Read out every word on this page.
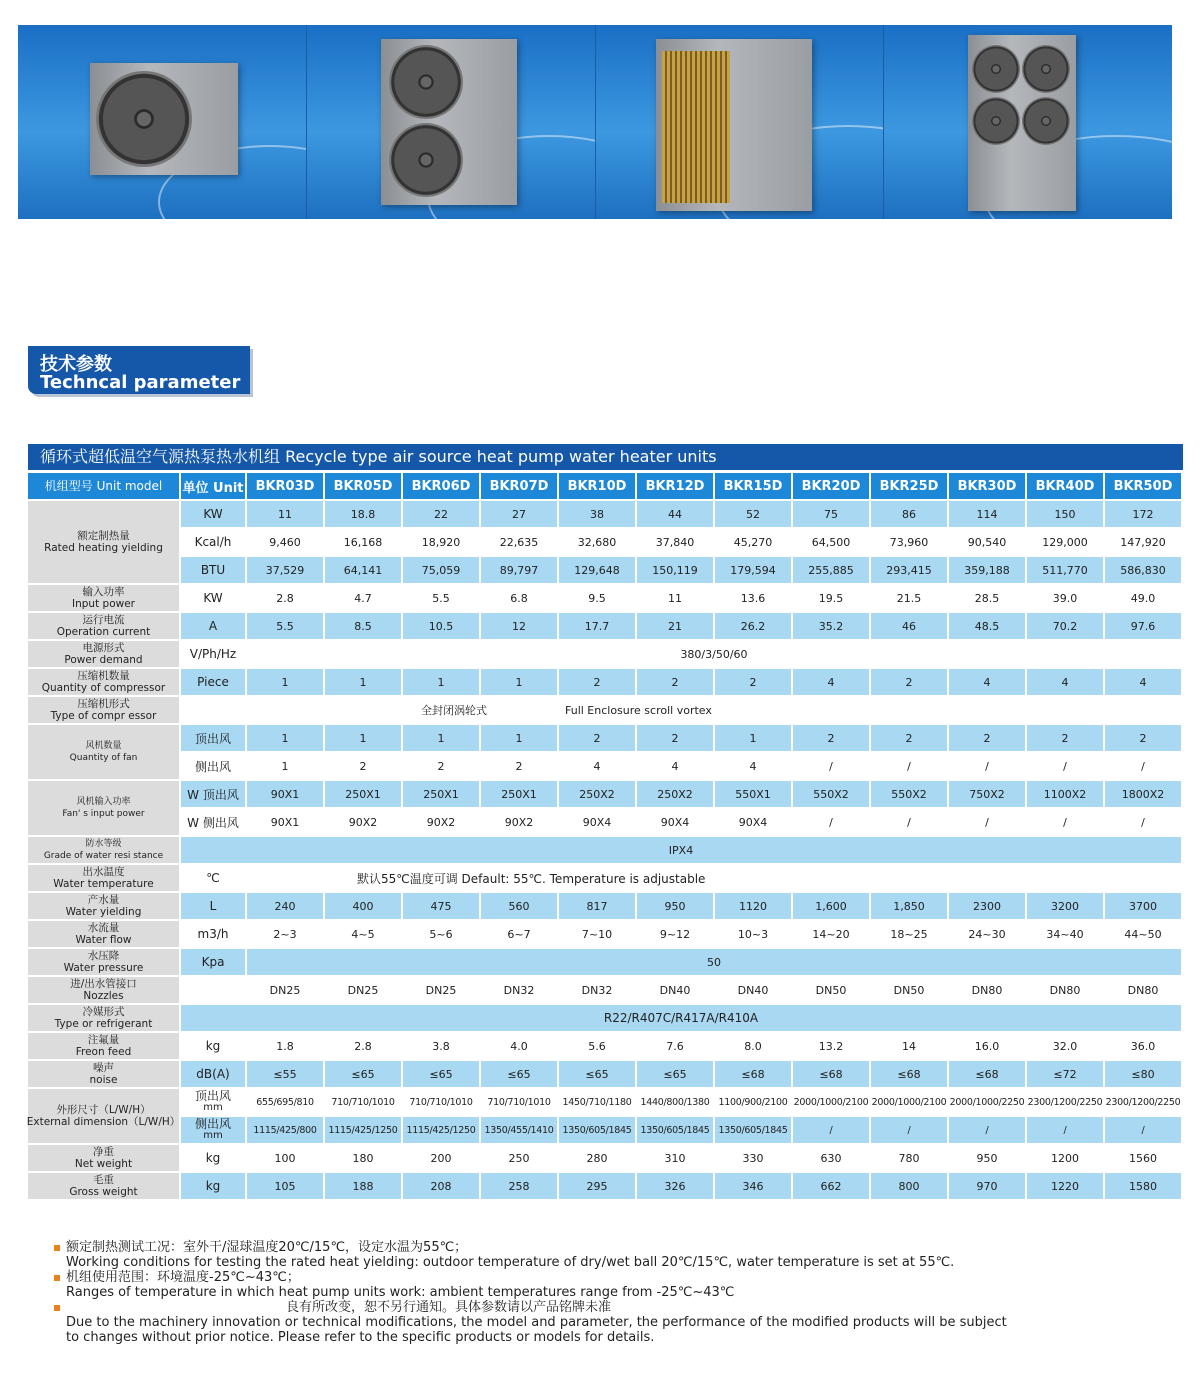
技术参数
Techncal parameter
循环式超低温空气源热泵热水机组 Recycle type air source heat pump water heater units
机组型号 Unit model	单位 Unit BKR03D	BKR05D	BKR06D	BKR07D	BKR10D	BKR12D	BKR15D	BKR20D	BKR25D	BKR30D	BKR40D	BKR50D
额定制热量
Rated heating yielding
KW	11	18.8	22	27	38	44	52	75	86	114	150	172
Kcal/h	9,460	16,168	18,920	22,635	32,680	37,840	45,270	64,500	73,960	90,540	129,000	147,920
BTU	37,529	64,141	75,059	89,797	129,648	150,119	179,594	255,885	293,415	359,188	511,770	586,830
输入功率
Input power	KW	2.8	4.7	5.5	6.8	9.5	11	13.6	19.5	21.5	28.5	39.0	49.0
运行电流
Operation current	A	5.5	8.5	10.5	12	17.7	21	26.2	35.2	46	48.5	70.2	97.6
电源形式
Power demand	V/Ph/Hz	380/3/50/60
压缩机数量
Quantity of compressor	Piece	1	1	1	1	2	2	2	4	2	4	4	4
压缩机形式
Type of compr essor	全封闭涡轮式	Full Enclosure scroll vortex
风机数量
Quantity of fan
顶出风	1	1	1	1	2	2	1	2	2	2	2	2
侧出风	1	2	2	2	4	4	4	/	/	/	/	/
风机输入功率
Fan' s input power
W 顶出风	90X1	250X1	250X1	250X1	250X2	250X2	550X1	550X2	550X2	750X2	1100X2	1800X2
W 侧出风	90X1	90X2	90X2	90X2	90X4	90X4	90X4	/	/	/	/	/
防水等级
Grade of water resi stance	IPX4
出水温度
Water temperature	℃	默认55℃温度可调 Default: 55℃. Temperature is adjustable
产水量
Water yielding	L	240	400	475	560	817	950	1120	1,600	1,850	2300	3200	3700
水流量
Water flow	m3/h	2~3	4~5	5~6	6~7	7~10	9~12	10~3	14~20	18~25	24~30	34~40	44~50
水压降
Water pressure	Kpa	50
进/出水管接口
Nozzles	DN25	DN25	DN25	DN32	DN32	DN40	DN40	DN50	DN50	DN80	DN80	DN80
冷媒形式
Type or refrigerant	R22/R407C/R417A/R410A
注氟量
Freon feed	kg	1.8	2.8	3.8	4.0	5.6	7.6	8.0	13.2	14	16.0	32.0	36.0
噪声
noise	dB(A)	≤55	≤65	≤65	≤65	≤65	≤65	≤68	≤68	≤68	≤68	≤72	≤80
外形尺寸（L/W/H）
External dimension（L/W/H）
顶出风
mm	655/695/810	710/710/1010	710/710/1010	710/710/1010	1450/710/1180 1440/800/1380 1100/900/2100 2000/1000/2100 2000/1000/2100 2000/1000/2250 2300/1200/2250 2300/1200/2250
侧出风
mm	1115/425/800	1115/425/1250 1115/425/1250 1350/455/1410 1350/605/1845 1350/605/1845 1350/605/1845	/	/	/	/	/
净重
Net weight	kg	100	180	200	250	280	310	330	630	780	950	1200	1560
毛重
Gross weight	kg	105	188	208	258	295	326	346	662	800	970	1220	1580
额定制热测试工况：室外干/湿球温度20℃/15℃，设定水温为55℃；
Working conditions for testing the rated heat yielding: outdoor temperature of dry/wet ball 20℃/15℃, water temperature is set at 55℃.
机组使用范围：环境温度-25℃~43℃；
Ranges of temperature in which heat pump units work: ambient temperatures range from -25℃~43℃
良有所改变，恕不另行通知。具体参数请以产品铭牌未准
Due to the machinery innovation or technical modifications, the model and parameter, the performance of the modified products will be subject
to changes without prior notice. Please refer to the specific products or models for details.
